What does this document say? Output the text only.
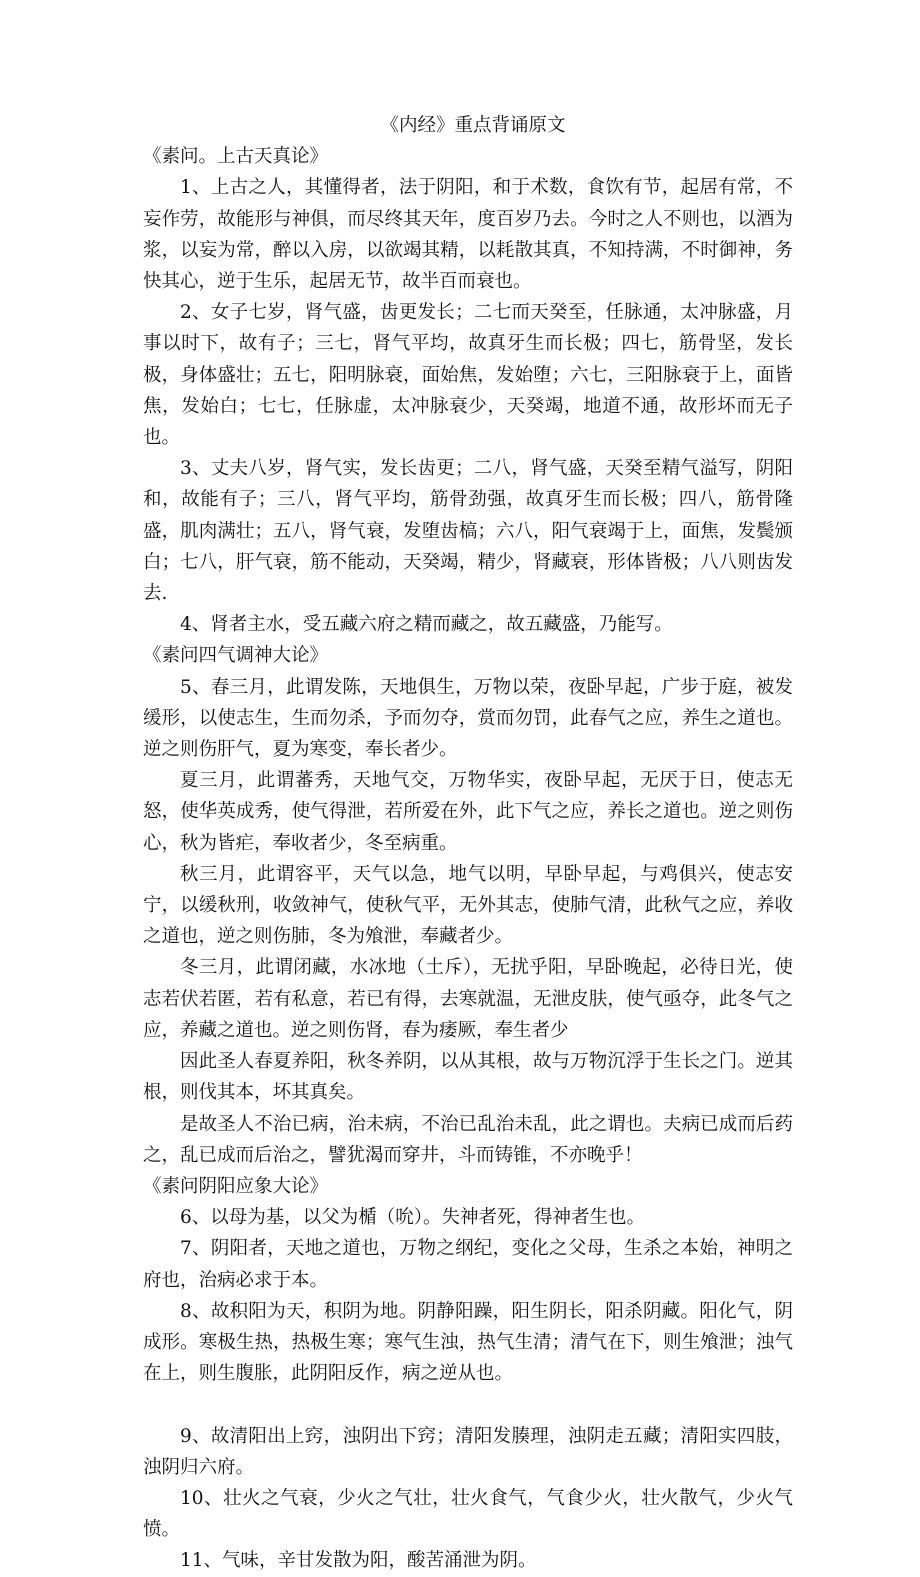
《内经》重点背诵原文

《素问。上古天真论》

1、上古之人，其懂得者，法于阴阳，和于术数，食饮有节，起居有常，不妄作劳，故能形与神俱，而尽终其天年，度百岁乃去。今时之人不则也，以酒为浆，以妄为常，醉以入房，以欲竭其精，以耗散其真，不知持满，不时御神，务快其心，逆于生乐，起居无节，故半百而衰也。

2、女子七岁，肾气盛，齿更发长；二七而天癸至，任脉通，太冲脉盛，月事以时下，故有子；三七，肾气平均，故真牙生而长极；四七，筋骨坚，发长极，身体盛壮；五七，阳明脉衰，面始焦，发始堕；六七，三阳脉衰于上，面皆焦，发始白；七七，任脉虚，太冲脉衰少，天癸竭，地道不通，故形坏而无子也。

3、丈夫八岁，肾气实，发长齿更；二八，肾气盛，天癸至精气溢写，阴阳和，故能有子；三八，肾气平均，筋骨劲强，故真牙生而长极；四八，筋骨隆盛，肌肉满壮；五八，肾气衰，发堕齿槁；六八，阳气衰竭于上，面焦，发鬓颁白；七八，肝气衰，筋不能动，天癸竭，精少，肾藏衰，形体皆极；八八则齿发去.

4、肾者主水，受五藏六府之精而藏之，故五藏盛，乃能写。

《素问四气调神大论》

5、春三月，此谓发陈，天地俱生，万物以荣，夜卧早起，广步于庭，被发缓形，以使志生，生而勿杀，予而勿夺，赏而勿罚，此春气之应，养生之道也。逆之则伤肝气，夏为寒变，奉长者少。

夏三月，此谓蕃秀，天地气交，万物华实，夜卧早起，无厌于日，使志无怒，使华英成秀，使气得泄，若所爱在外，此下气之应，养长之道也。逆之则伤心，秋为皆疟，奉收者少，冬至病重。

秋三月，此谓容平，天气以急，地气以明，早卧早起，与鸡俱兴，使志安宁，以缓秋刑，收敛神气，使秋气平，无外其志，使肺气清，此秋气之应，养收之道也，逆之则伤肺，冬为飧泄，奉藏者少。

冬三月，此谓闭藏，水冰地（土斥），无扰乎阳，早卧晚起，必待日光，使志若伏若匿，若有私意，若已有得，去寒就温，无泄皮肤，使气亟夺，此冬气之应，养藏之道也。逆之则伤肾，春为痿厥，奉生者少

因此圣人春夏养阳，秋冬养阴，以从其根，故与万物沉浮于生长之门。逆其根，则伐其本，坏其真矣。

是故圣人不治已病，治未病，不治已乱治未乱，此之谓也。夫病已成而后药之，乱已成而后治之，譬犹渴而穿井，斗而铸锥，不亦晚乎！

《素问阴阳应象大论》

6、以母为基，以父为楯（吮）。失神者死，得神者生也。

7、阴阳者，天地之道也，万物之纲纪，变化之父母，生杀之本始，神明之府也，治病必求于本。

8、故积阳为天，积阴为地。阴静阳躁，阳生阴长，阳杀阴藏。阳化气，阴成形。寒极生热，热极生寒；寒气生浊，热气生清；清气在下，则生飧泄；浊气在上，则生腹胀，此阴阳反作，病之逆从也。

9、故清阳出上窍，浊阴出下窍；清阳发腠理，浊阴走五藏；清阳实四肢，浊阴归六府。

10、壮火之气衰，少火之气壮，壮火食气，气食少火，壮火散气，少火气愤。

11、气味，辛甘发散为阳，酸苦涌泄为阴。
